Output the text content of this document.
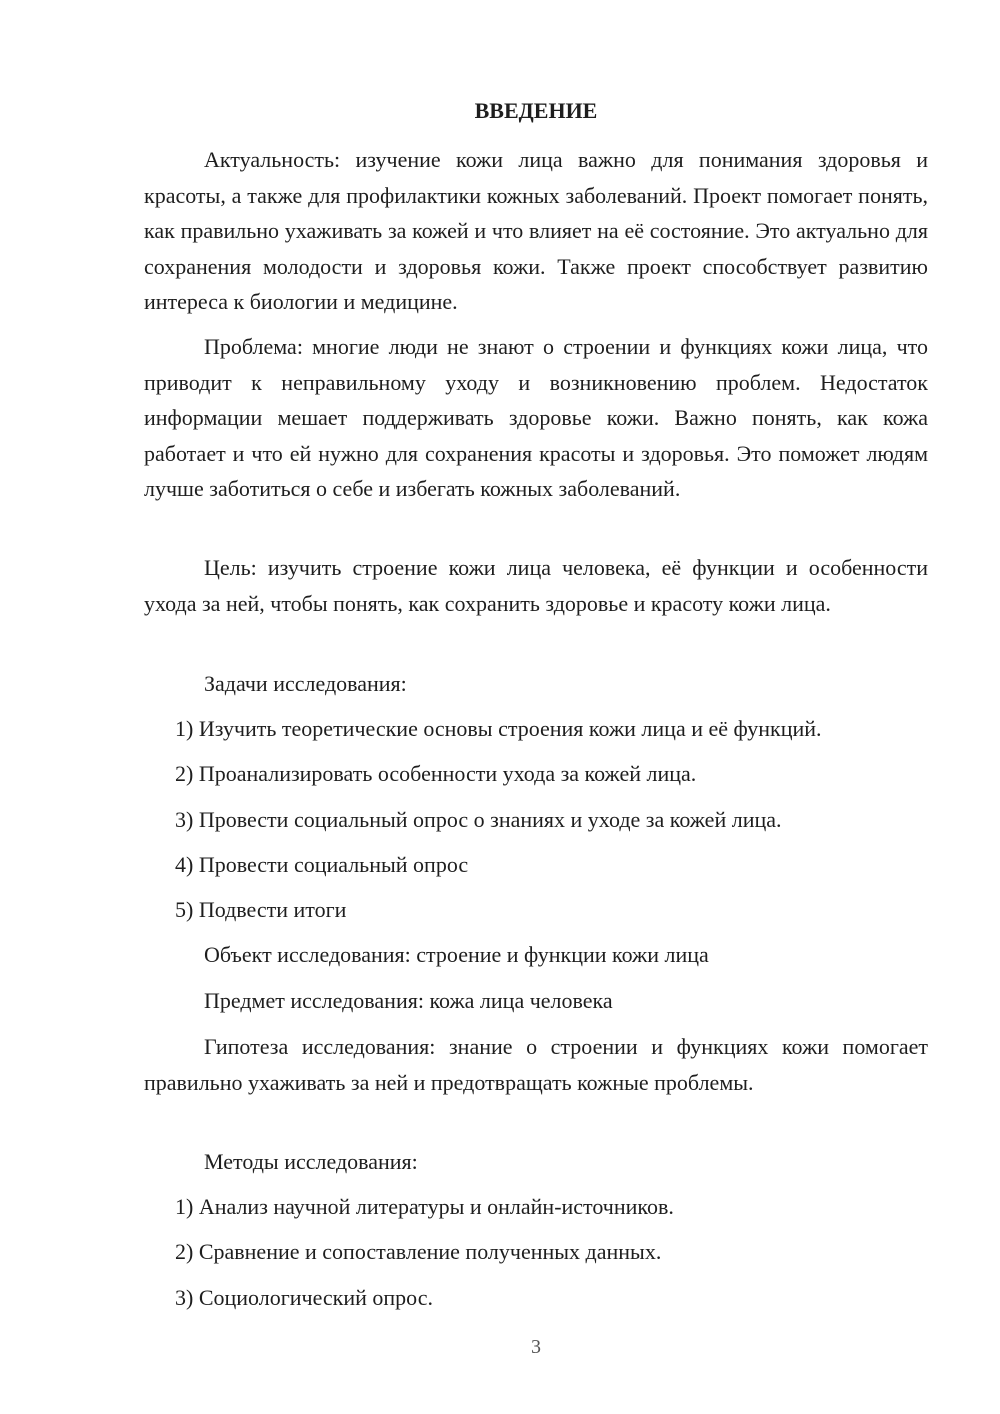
ВВЕДЕНИЕ

Актуальность: изучение кожи лица важно для понимания здоровья и красоты, а также для профилактики кожных заболеваний. Проект помогает понять, как правильно ухаживать за кожей и что влияет на её состояние. Это актуально для сохранения молодости и здоровья кожи. Также проект способствует развитию интереса к биологии и медицине.

Проблема: многие люди не знают о строении и функциях кожи лица, что приводит к неправильному уходу и возникновению проблем. Недостаток информации мешает поддерживать здоровье кожи. Важно понять, как кожа работает и что ей нужно для сохранения красоты и здоровья. Это поможет людям лучше заботиться о себе и избегать кожных заболеваний.

Цель: изучить строение кожи лица человека, её функции и особенности ухода за ней, чтобы понять, как сохранить здоровье и красоту кожи лица.

Задачи исследования:

1) Изучить теоретические основы строения кожи лица и её функций.

2) Проанализировать особенности ухода за кожей лица.

3) Провести социальный опрос о знаниях и уходе за кожей лица.

4) Провести социальный опрос

5) Подвести итоги

Объект исследования: строение и функции кожи лица

Предмет исследования: кожа лица человека

Гипотеза исследования: знание о строении и функциях кожи помогает правильно ухаживать за ней и предотвращать кожные проблемы.

Методы исследования:

1) Анализ научной литературы и онлайн-источников.

2) Сравнение и сопоставление полученных данных.

3) Социологический опрос.

3
